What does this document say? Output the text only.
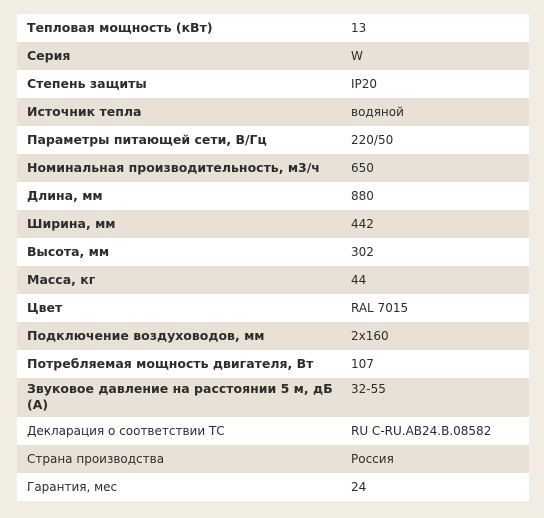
Тепловая мощность (кВт)	13
Серия	W
Степень защиты	IP20
Источник тепла	водяной
Параметры питающей сети, В/Гц	220/50
Номинальная производительность, м3/ч	650
Длина, мм	880
Ширина, мм	442
Высота, мм	302
Масса, кг	44
Цвет	RAL 7015
Подключение воздуховодов, мм	2x160
Потребляемая мощность двигателя, Вт	107
Звуковое давление на расстоянии 5 м, дБ (А)	32-55
Декларация о соответствии ТС	RU C-RU.AB24.B.08582
Страна производства	Россия
Гарантия, мес	24
